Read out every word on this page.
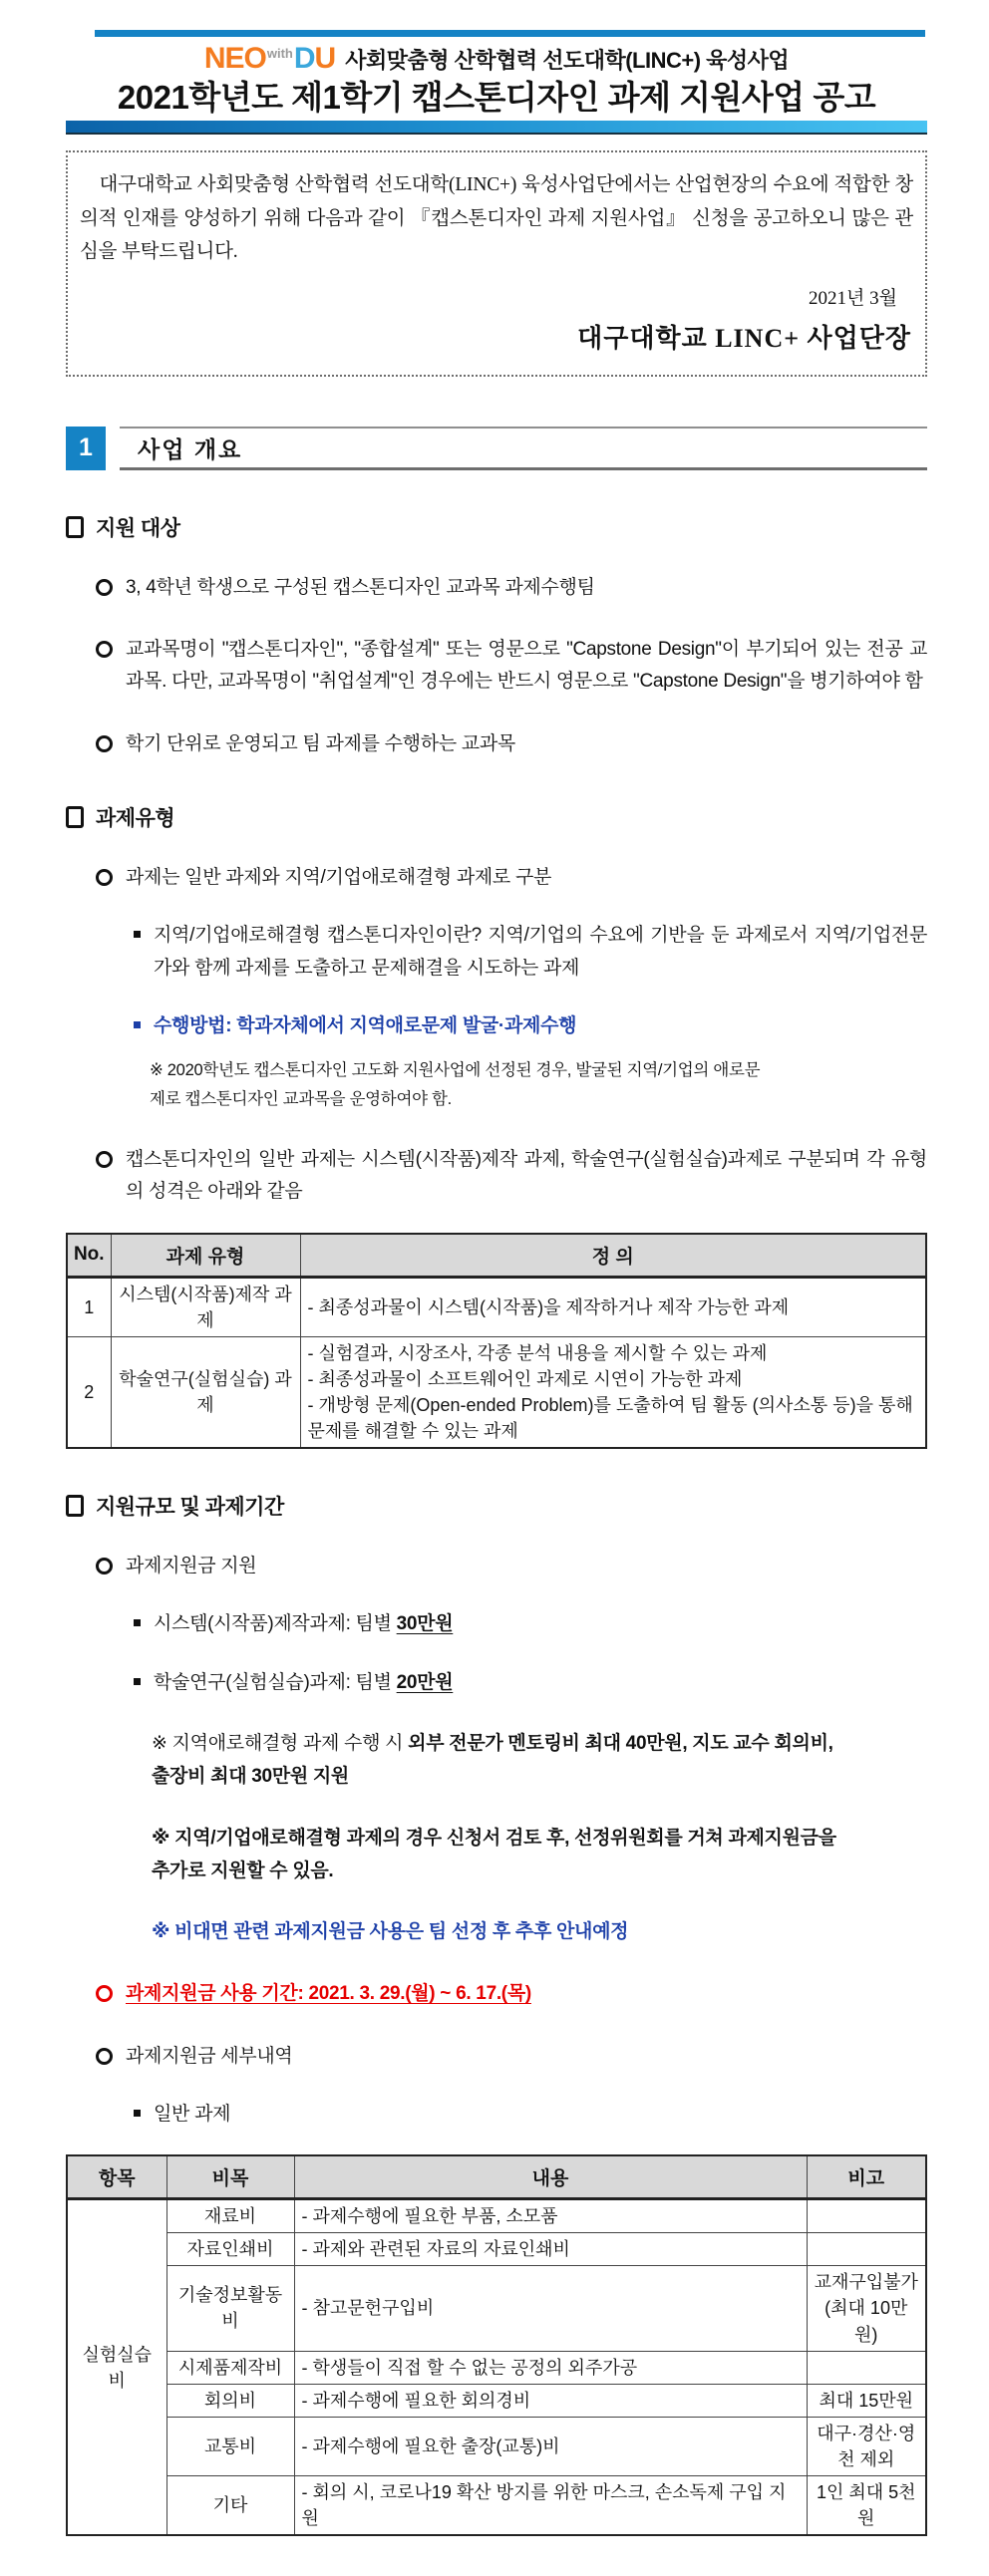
NEO with D U 사회맞춤형 산학협력 선도대학(LINC+) 육성사업
2021학년도 제1학기 캡스톤디자인 과제 지원사업 공고
대구대학교 사회맞춤형 산학협력 선도대학(LINC+) 육성사업단에서는 산업현장의 수요에 적합한 창의적 인재를 양성하기 위해 다음과 같이 『캡스톤디자인 과제 지원사업』 신청을 공고하오니 많은 관심을 부탁드립니다.
2021년 3월
대구대학교 LINC+ 사업단장
1	사업 개요
지원 대상
3, 4학년 학생으로 구성된 캡스톤디자인 교과목 과제수행팀
교과목명이 "캡스톤디자인", "종합설계" 또는 영문으로 "Capstone Design"이 부기되어 있는 전공 교과목. 다만, 교과목명이 "취업설계"인 경우에는 반드시 영문으로 "Capstone Design"을 병기하여야 함
학기 단위로 운영되고 팀 과제를 수행하는 교과목
과제유형
과제는 일반 과제와 지역/기업애로해결형 과제로 구분
지역/기업애로해결형 캡스톤디자인이란? 지역/기업의 수요에 기반을 둔 과제로서 지역/기업전문가와 함께 과제를 도출하고 문제해결을 시도하는 과제
수행방법: 학과자체에서 지역애로문제 발굴·과제수행
※ 2020학년도 캡스톤디자인 고도화 지원사업에 선정된 경우, 발굴된 지역/기업의 애로문제로 캡스톤디자인 교과목을 운영하여야 함.
캡스톤디자인의 일반 과제는 시스템(시작품)제작 과제, 학술연구(실험실습)과제로 구분되며 각 유형의 성격은 아래와 같음
No.	과제 유형	정 의
1	시스템(시작품)제작 과제	- 최종성과물이 시스템(시작품)을 제작하거나 제작 가능한 과제

2	학술연구(실험실습) 과제	- 실험결과, 시장조사, 각종 분석 내용을 제시할 수 있는 과제
- 최종성과물이 소프트웨어인 과제로 시연이 가능한 과제
- 개방형 문제(Open-ended Problem)를 도출하여 팀 활동 (의사소통 등)을 통해 문제를 해결할 수 있는 과제
지원규모 및 과제기간
과제지원금 지원
시스템(시작품)제작과제: 팀별 30만원
학술연구(실험실습)과제: 팀별 20만원
※ 지역애로해결형 과제 수행 시 외부 전문가 멘토링비 최대 40만원, 지도 교수 회의비, 출장비 최대 30만원 지원
※ 지역/기업애로해결형 과제의 경우 신청서 검토 후, 선정위원회를 거쳐 과제지원금을 추가로 지원할 수 있음.
※ 비대면 관련 과제지원금 사용은 팀 선정 후 추후 안내예정
과제지원금 사용 기간: 2021. 3. 29.(월) ~ 6. 17.(목)
과제지원금 세부내역
일반 과제
항목	비목	내용	비고
실험실습비	재료비	- 과제수행에 필요한 부품, 소모품	
	자료인쇄비	- 과제와 관련된 자료의 자료인쇄비	
	기술정보활동비	- 참고문헌구입비	교재구입불가 (최대 10만원)
	시제품제작비	- 학생들이 직접 할 수 없는 공정의 외주가공	
	회의비	- 과제수행에 필요한 회의경비	최대 15만원
	교통비	- 과제수행에 필요한 출장(교통)비	대구·경산·영천 제외
	기타	- 회의 시, 코로나19 확산 방지를 위한 마스크, 손소독제 구입 지원	1인 최대 5천원
